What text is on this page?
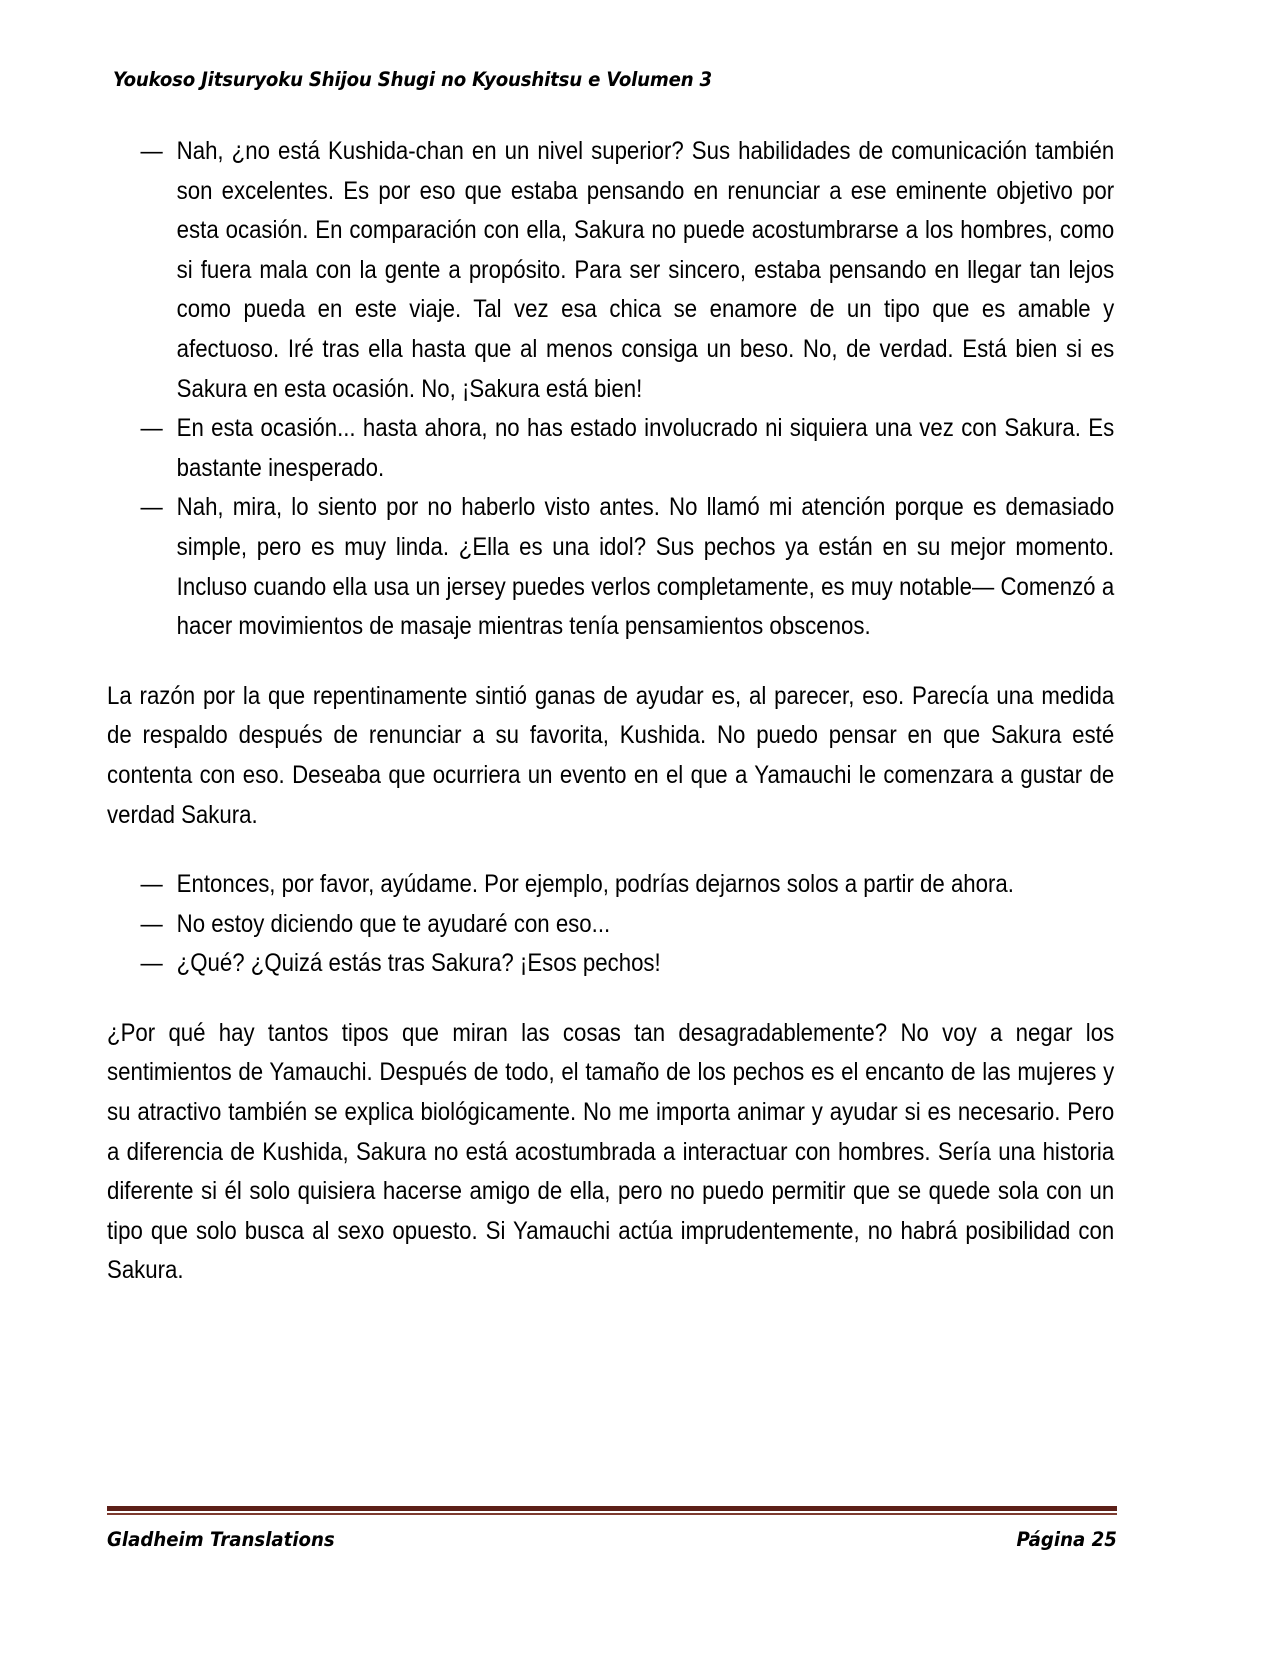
Youkoso Jitsuryoku Shijou Shugi no Kyoushitsu e Volumen 3
— Nah, ¿no está Kushida-chan en un nivel superior? Sus habilidades de comunicación también son excelentes. Es por eso que estaba pensando en renunciar a ese eminente objetivo por esta ocasión. En comparación con ella, Sakura no puede acostumbrarse a los hombres, como si fuera mala con la gente a propósito. Para ser sincero, estaba pensando en llegar tan lejos como pueda en este viaje. Tal vez esa chica se enamore de un tipo que es amable y afectuoso. Iré tras ella hasta que al menos consiga un beso. No, de verdad. Está bien si es Sakura en esta ocasión. No, ¡Sakura está bien!
— En esta ocasión... hasta ahora, no has estado involucrado ni siquiera una vez con Sakura. Es bastante inesperado.
— Nah, mira, lo siento por no haberlo visto antes. No llamó mi atención porque es demasiado simple, pero es muy linda. ¿Ella es una idol? Sus pechos ya están en su mejor momento. Incluso cuando ella usa un jersey puedes verlos completamente, es muy notable— Comenzó a hacer movimientos de masaje mientras tenía pensamientos obscenos.

La razón por la que repentinamente sintió ganas de ayudar es, al parecer, eso. Parecía una medida de respaldo después de renunciar a su favorita, Kushida. No puedo pensar en que Sakura esté contenta con eso. Deseaba que ocurriera un evento en el que a Yamauchi le comenzara a gustar de verdad Sakura.

— Entonces, por favor, ayúdame. Por ejemplo, podrías dejarnos solos a partir de ahora.
— No estoy diciendo que te ayudaré con eso...
— ¿Qué? ¿Quizá estás tras Sakura? ¡Esos pechos!

¿Por qué hay tantos tipos que miran las cosas tan desagradablemente? No voy a negar los sentimientos de Yamauchi. Después de todo, el tamaño de los pechos es el encanto de las mujeres y su atractivo también se explica biológicamente. No me importa animar y ayudar si es necesario. Pero a diferencia de Kushida, Sakura no está acostumbrada a interactuar con hombres. Sería una historia diferente si él solo quisiera hacerse amigo de ella, pero no puedo permitir que se quede sola con un tipo que solo busca al sexo opuesto. Si Yamauchi actúa imprudentemente, no habrá posibilidad con Sakura.

Gladheim Translations	Página 25
